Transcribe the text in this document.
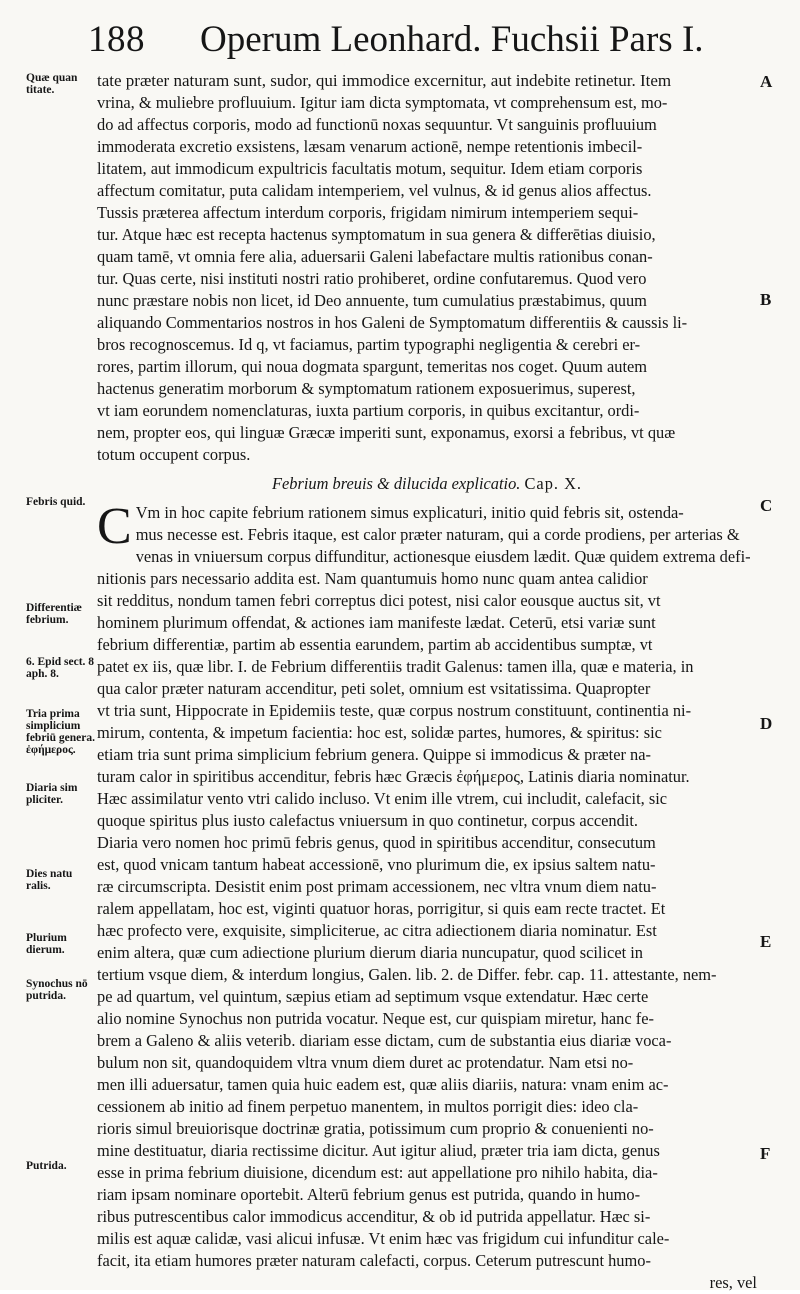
188 Operum Leonhard. Fuchsii Pars I.
tate præter naturam sunt, sudor, qui immodice excernitur, aut indebite retinetur. Item
vrina, & muliebre profluuium. Igitur iam dicta symptomata, vt comprehensum est, mo-
do ad affectus corporis, modo ad functionū noxas sequuntur. Vt sanguinis profluuium
immoderata excretio exsistens, læsam venarum actionē, nempe retentionis imbecil-
litatem, aut immodicum expultricis facultatis motum, sequitur. Idem etiam corporis
affectum comitatur, puta calidam intemperiem, vel vulnus, & id genus alios affectus.
Tussis præterea affectum interdum corporis, frigidam nimirum intemperiem sequi-
tur. Atque hæc est recepta hactenus symptomatum in sua genera & differētias diuisio,
quam tamē, vt omnia fere alia, aduersarii Galeni labefactare multis rationibus conan-
tur. Quas certe, nisi instituti nostri ratio prohiberet, ordine confutaremus. Quod vero
nunc præstare nobis non licet, id Deo annuente, tum cumulatius præstabimus, quum
aliquando Commentarios nostros in hos Galeni de Symptomatum differentiis & caussis li-
bros recognoscemus. Id q, vt faciamus, partim typographi negligentia & cerebri er-
rores, partim illorum, qui noua dogmata spargunt, temeritas nos coget. Quum autem
hactenus generatim morborum & symptomatum rationem exposuerimus, superest,
vt iam eorundem nomenclaturas, iuxta partium corporis, in quibus excitantur, ordi-
nem, propter eos, qui linguæ Græcæ imperiti sunt, exponamus, exorsi a febribus, vt quæ
totum occupent corpus.
Febrium breuis & dilucida explicatio. Cap. X.
C Vm in hoc capite febrium rationem simus explicaturi, initio quid febris sit, ostenda-
mus necesse est. Febris itaque, est calor præter naturam, qui a corde prodiens, per arterias &
venas in vniuersum corpus diffunditur, actionesque eiusdem lædit. Quæ quidem extrema defi-
nitionis pars necessario addita est. Nam quantumuis homo nunc quam antea calidior
sit redditus, nondum tamen febri correptus dici potest, nisi calor eousque auctus sit, vt
hominem plurimum offendat, & actiones iam manifeste lædat. Ceterū, etsi variæ sunt
febrium differentiæ, partim ab essentia earundem, partim ab accidentibus sumptæ, vt
patet ex iis, quæ libr. I. de Febrium differentiis tradit Galenus: tamen illa, quæ e materia, in
qua calor præter naturam accenditur, peti solet, omnium est vsitatissima. Quapropter
vt tria sunt, Hippocrate in Epidemiis teste, quæ corpus nostrum constituunt, continentia ni-
mirum, contenta, & impetum facientia: hoc est, solidæ partes, humores, & spiritus: sic
etiam tria sunt prima simplicium febrium genera. Quippe si immodicus & præter na-
turam calor in spiritibus accenditur, febris hæc Græcis ἐφήμερος, Latinis diaria nominatur.
Hæc assimilatur vento vtri calido incluso. Vt enim ille vtrem, cui includit, calefacit, sic
quoque spiritus plus iusto calefactus vniuersum in quo continetur, corpus accendit.
Diaria vero nomen hoc primū febris genus, quod in spiritibus accenditur, consecutum
est, quod vnicam tantum habeat accessionē, vno plurimum die, ex ipsius saltem natu-
ræ circumscripta. Desistit enim post primam accessionem, nec vltra vnum diem natu-
ralem appellatam, hoc est, viginti quatuor horas, porrigitur, si quis eam recte tractet. Et
hæc profecto vere, exquisite, simpliciterue, ac citra adiectionem diaria nominatur. Est
enim altera, quæ cum adiectione plurium dierum diaria nuncupatur, quod scilicet in
tertium vsque diem, & interdum longius, Galen. lib. 2. de Differ. febr. cap. 11. attestante, nem-
pe ad quartum, vel quintum, sæpius etiam ad septimum vsque extendatur. Hæc certe
alio nomine Synochus non putrida vocatur. Neque est, cur quispiam miretur, hanc fe-
brem a Galeno & aliis veterib. diariam esse dictam, cum de substantia eius diariæ voca-
bulum non sit, quandoquidem vltra vnum diem duret ac protendatur. Nam etsi no-
men illi aduersatur, tamen quia huic eadem est, quæ aliis diariis, natura: vnam enim ac-
cessionem ab initio ad finem perpetuo manentem, in multos porrigit dies: ideo cla-
rioris simul breuiorisque doctrinæ gratia, potissimum cum proprio & conuenienti no-
mine destituatur, diaria rectissime dicitur. Aut igitur aliud, præter tria iam dicta, genus
esse in prima febrium diuisione, dicendum est: aut appellatione pro nihilo habita, dia-
riam ipsam nominare oportebit. Alterū febrium genus est putrida, quando in humo-
ribus putrescentibus calor immodicus accenditur, & ob id putrida appellatur. Hæc si-
milis est aquæ calidæ, vasi alicui infusæ. Vt enim hæc vas frigidum cui infunditur cale-
facit, ita etiam humores præter naturam calefacti, corpus. Ceterum putrescunt humo-
res, vel
Quæ quan titate.
Febris quid.
Differentiæ febrium.
6. Epid sect. 8 aph. 8.
Tria prima simplicium febriū genera. ἐφήμερος.
Diaria sim pliciter.
Dies natu ralis.
Plurium dierum.
Synochus nō putrida.
Putrida.
A
B
C
D
E
F
